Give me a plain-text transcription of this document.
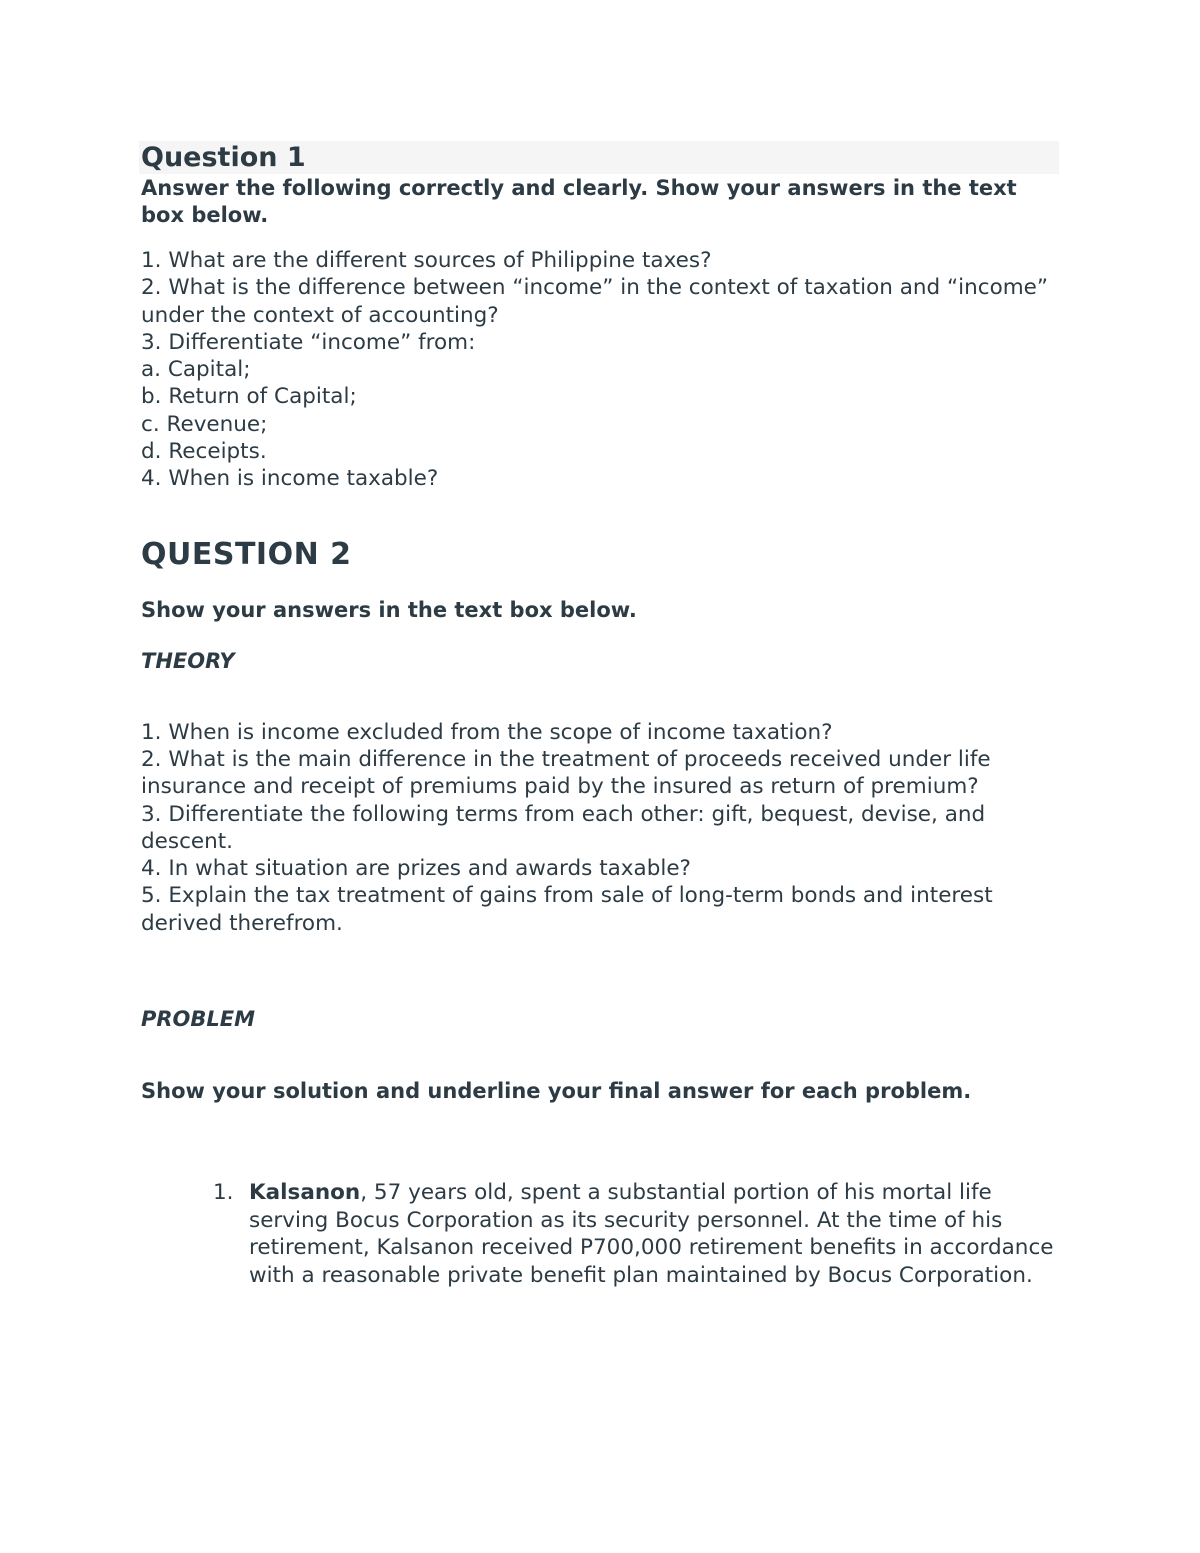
Question 1

Answer the following correctly and clearly. Show your answers in the text box below.

1. What are the different sources of Philippine taxes?
2. What is the difference between “income” in the context of taxation and “income” under the context of accounting?
3. Differentiate “income” from:
a. Capital;
b. Return of Capital;
c. Revenue;
d. Receipts.
4. When is income taxable?
QUESTION 2

Show your answers in the text box below.

THEORY

1. When is income excluded from the scope of income taxation?
2. What is the main difference in the treatment of proceeds received under life insurance and receipt of premiums paid by the insured as return of premium?
3. Differentiate the following terms from each other: gift, bequest, devise, and descent.
4. In what situation are prizes and awards taxable?
5. Explain the tax treatment of gains from sale of long-term bonds and interest derived therefrom.

PROBLEM

Show your solution and underline your final answer for each problem.

1. Kalsanon, 57 years old, spent a substantial portion of his mortal life serving Bocus Corporation as its security personnel. At the time of his retirement, Kalsanon received P700,000 retirement benefits in accordance with a reasonable private benefit plan maintained by Bocus Corporation.
